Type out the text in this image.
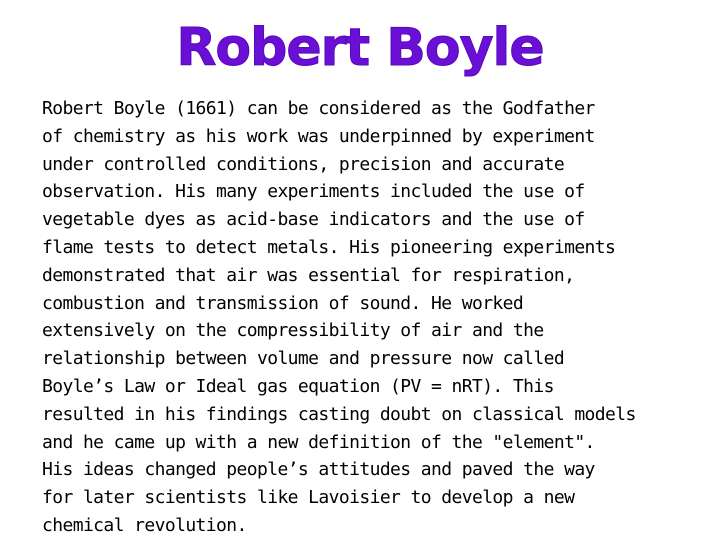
Robert Boyle
Robert Boyle (1661) can be considered as the Godfather
of chemistry as his work was underpinned by experiment
under controlled conditions, precision and accurate
observation. His many experiments included the use of
vegetable dyes as acid-base indicators and the use of
flame tests to detect metals. His pioneering experiments
demonstrated that air was essential for respiration,
combustion and transmission of sound. He worked
extensively on the compressibility of air and the
relationship between volume and pressure now called
Boyle’s Law or Ideal gas equation (PV = nRT). This
resulted in his findings casting doubt on classical models
and he came up with a new definition of the "element".
His ideas changed people’s attitudes and paved the way
for later scientists like Lavoisier to develop a new
chemical revolution.
